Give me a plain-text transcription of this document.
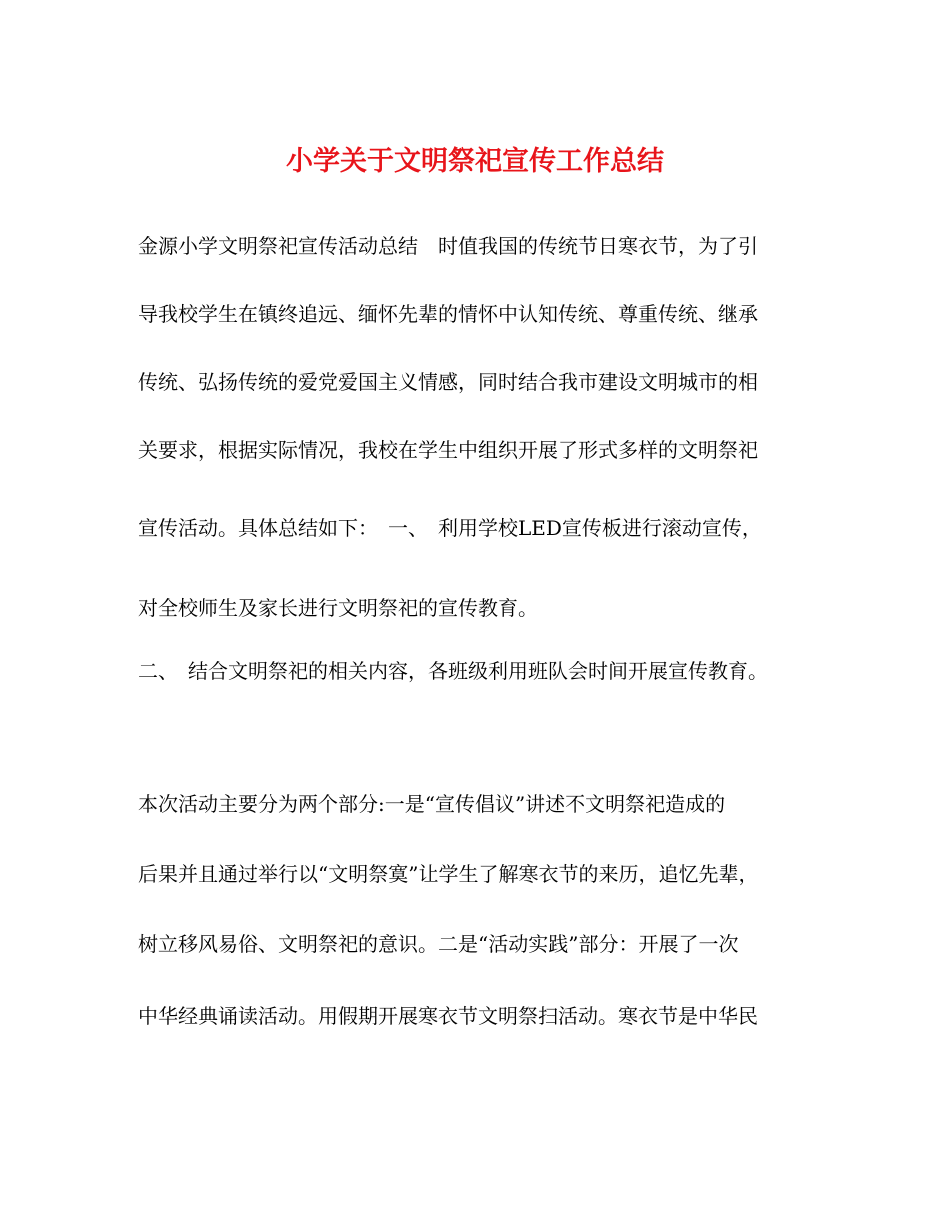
小学关于文明祭祀宣传工作总结

金源小学文明祭祀宣传活动总结　时值我国的传统节日寒衣节，为了引

导我校学生在镇终追远、缅怀先辈的情怀中认知传统、尊重传统、继承

传统、弘扬传统的爱党爱国主义情感，同时结合我市建设文明城市的相

关要求，根据实际情况，我校在学生中组织开展了形式多样的文明祭祀

宣传活动。具体总结如下：　一、　利用学校LED宣传板进行滚动宣传，

对全校师生及家长进行文明祭祀的宣传教育。

二、　结合文明祭祀的相关内容，各班级利用班队会时间开展宣传教育。

本次活动主要分为两个部分:一是“宣传倡议”讲述不文明祭祀造成的

后果并且通过举行以“文明祭寞”让学生了解寒衣节的来历，追忆先辈，

树立移风易俗、文明祭祀的意识。二是“活动实践”部分：开展了一次

中华经典诵读活动。用假期开展寒衣节文明祭扫活动。寒衣节是中华民
